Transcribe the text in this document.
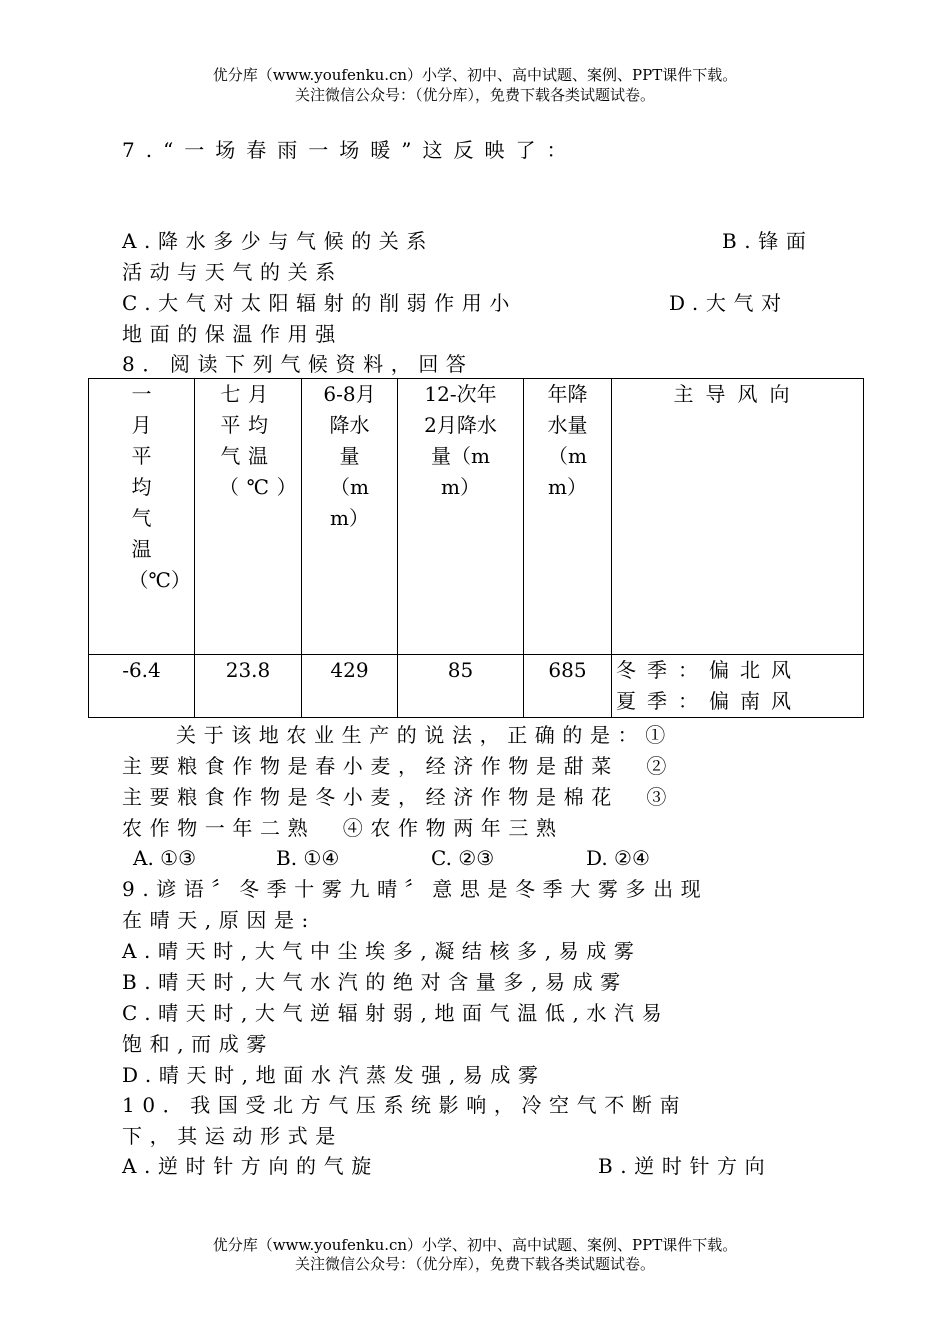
优分库（www.youfenku.cn）小学、初中、高中试题、案例、PPT课件下载。
关注微信公众号：（优分库），免费下载各类试题试卷。
7.“一场春雨一场暖”这反映了：
A.降水多少与气候的关系	B.锋面
活动与天气的关系
C.大气对太阳辐射的削弱作用小	D.大气对
地面的保温作用强
8．阅读下列气候资料，回答
一月平均气温（℃）	七月平均气温（℃）	6-8月降水量（mm）	12-次年2月降水量（mm）	年降水量（mm）	主导风向
-6.4	23.8	429	85	685	冬季：偏北风
夏季：偏南风
关于该地农业生产的说法，正确的是：①
主要粮食作物是春小麦，经济作物是甜菜　②
主要粮食作物是冬小麦，经济作物是棉花　③
农作物一年二熟　④农作物两年三熟
A. ①③	B. ①④	C. ②③	D. ②④
9.谚语〞冬季十雾九晴〞意思是冬季大雾多出现
在晴天,原因是:
A.晴天时,大气中尘埃多,凝结核多,易成雾
B.晴天时,大气水汽的绝对含量多,易成雾
C.晴天时,大气逆辐射弱,地面气温低,水汽易
饱和,而成雾
D.晴天时,地面水汽蒸发强,易成雾
10．我国受北方气压系统影响，冷空气不断南
下，其运动形式是
A.逆时针方向的气旋	B.逆时针方向
优分库（www.youfenku.cn）小学、初中、高中试题、案例、PPT课件下载。
关注微信公众号：（优分库），免费下载各类试题试卷。
